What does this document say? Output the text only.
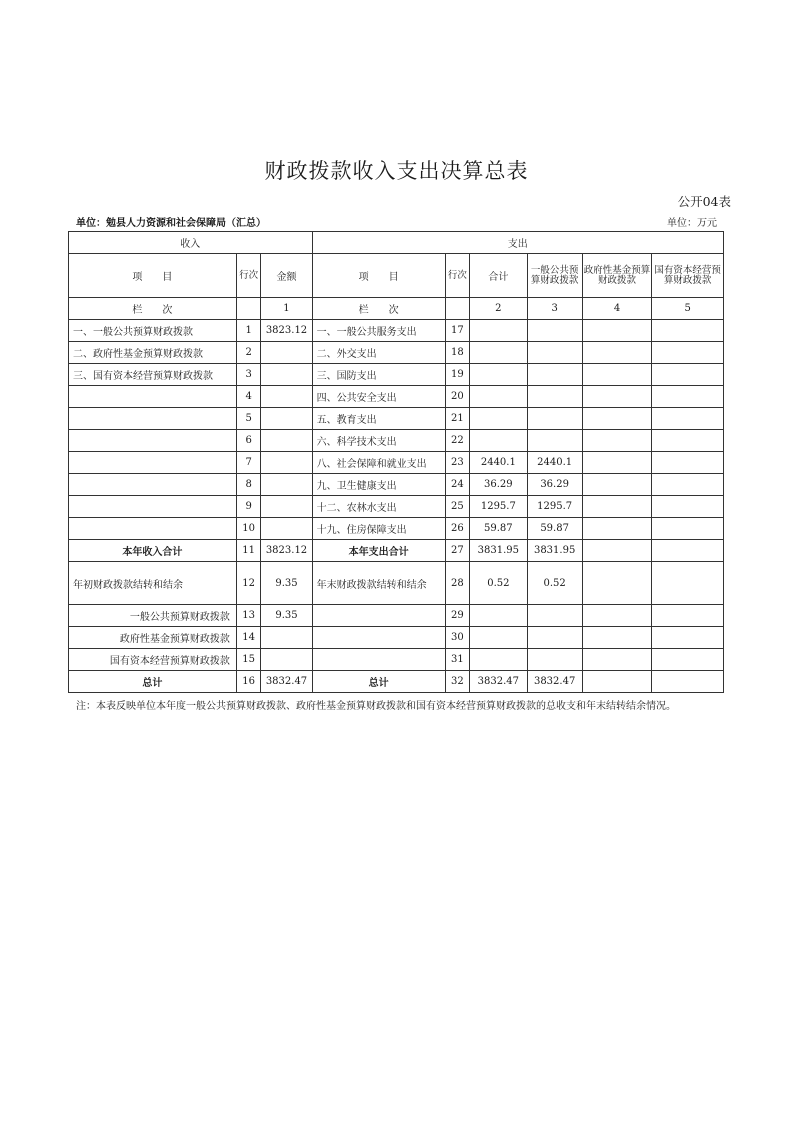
财政拨款收入支出决算总表
公开04表
单位：勉县人力资源和社会保障局（汇总）	单位：万元
收入			支出					
项　　目	行次	金额	项　　目	行次	合计	一般公共预算财政拨款	政府性基金预算财政拨款	国有资本经营预算财政拨款
栏　　次		1	栏　　次		2	3	4	5
一、一般公共预算财政拨款	1	3823.12	一、一般公共服务支出	17				
二、政府性基金预算财政拨款	2		二、外交支出	18				
三、国有资本经营预算财政拨款	3		三、国防支出	19				
	4		四、公共安全支出	20				
	5		五、教育支出	21				
	6		六、科学技术支出	22				
	7		八、社会保障和就业支出	23	2440.1	2440.1		
	8		九、卫生健康支出	24	36.29	36.29		
	9		十二、农林水支出	25	1295.7	1295.7		
	10		十九、住房保障支出	26	59.87	59.87		
本年收入合计	11	3823.12	本年支出合计	27	3831.95	3831.95		
年初财政拨款结转和结余	12	9.35	年末财政拨款结转和结余	28	0.52	0.52		
一般公共预算财政拨款	13	9.35		29				
政府性基金预算财政拨款	14			30				
国有资本经营预算财政拨款	15			31				
总计	16	3832.47	总计	32	3832.47	3832.47		
注：本表反映单位本年度一般公共预算财政拨款、政府性基金预算财政拨款和国有资本经营预算财政拨款的总收支和年末结转结余情况。
